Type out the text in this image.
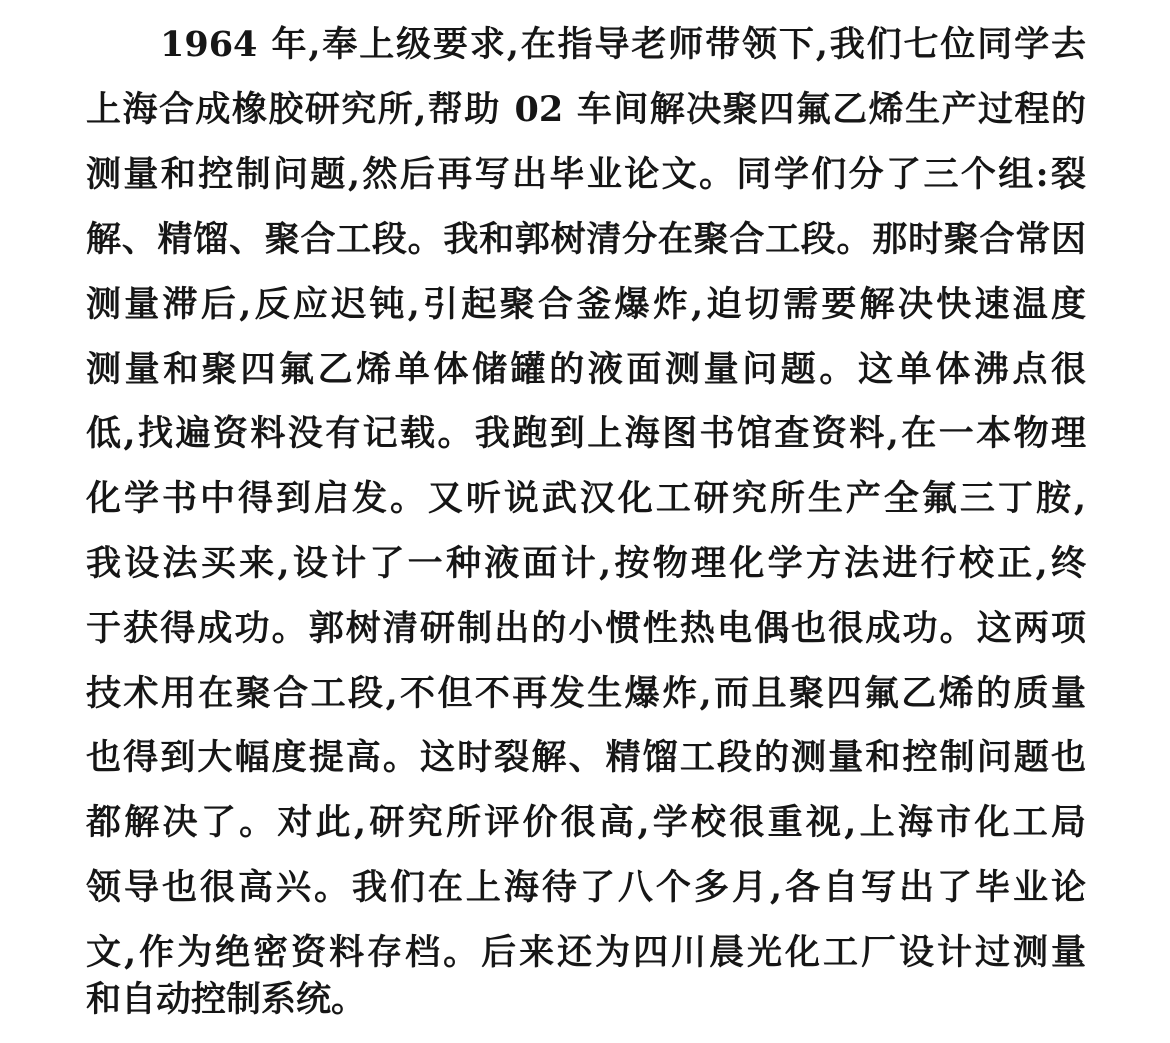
1964 年,奉上级要求,在指导老师带领下,我们七位同学去
上海合成橡胶研究所,帮助 02 车间解决聚四氟乙烯生产过程的
测量和控制问题,然后再写出毕业论文。同学们分了三个组:裂
解、精馏、聚合工段。我和郭树清分在聚合工段。那时聚合常因
测量滞后,反应迟钝,引起聚合釜爆炸,迫切需要解决快速温度
测量和聚四氟乙烯单体储罐的液面测量问题。这单体沸点很
低,找遍资料没有记载。我跑到上海图书馆查资料,在一本物理
化学书中得到启发。又听说武汉化工研究所生产全氟三丁胺,
我设法买来,设计了一种液面计,按物理化学方法进行校正,终
于获得成功。郭树清研制出的小惯性热电偶也很成功。这两项
技术用在聚合工段,不但不再发生爆炸,而且聚四氟乙烯的质量
也得到大幅度提高。这时裂解、精馏工段的测量和控制问题也
都解决了。对此,研究所评价很高,学校很重视,上海市化工局
领导也很高兴。我们在上海待了八个多月,各自写出了毕业论
文,作为绝密资料存档。后来还为四川晨光化工厂设计过测量
和自动控制系统。
